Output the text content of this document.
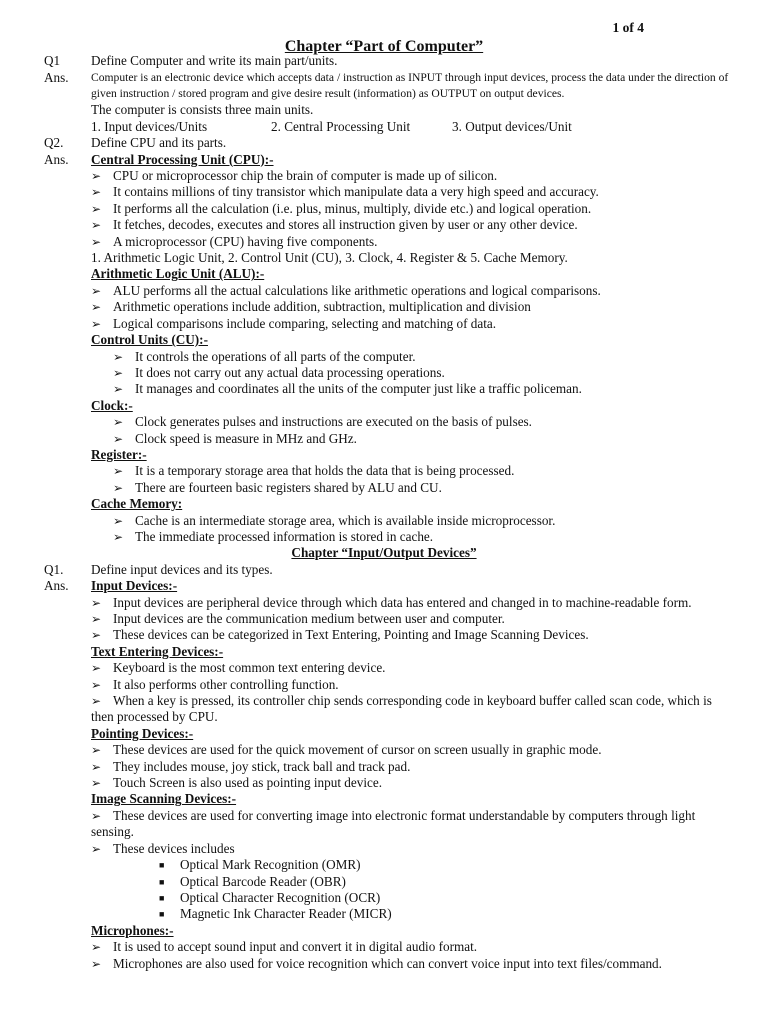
1 of 4
Chapter “Part of Computer”
Q1 Define Computer and write its main part/units.
Ans. Computer is an electronic device which accepts data / instruction as INPUT through input devices, process the data under the direction of given instruction / stored program and give desire result (information) as OUTPUT on output devices.
The computer is consists three main units.
1. Input devices/Units	2. Central Processing Unit	3. Output devices/Unit
Q2. Define CPU and its parts.
Ans. Central Processing Unit (CPU):-
➢ CPU or microprocessor chip the brain of computer is made up of silicon.
➢ It contains millions of tiny transistor which manipulate data a very high speed and accuracy.
➢ It performs all the calculation (i.e. plus, minus, multiply, divide etc.) and logical operation.
➢ It fetches, decodes, executes and stores all instruction given by user or any other device.
➢ A microprocessor (CPU) having five components.
1. Arithmetic Logic Unit, 2. Control Unit (CU), 3. Clock, 4. Register & 5. Cache Memory.
Arithmetic Logic Unit (ALU):-
➢ ALU performs all the actual calculations like arithmetic operations and logical comparisons.
➢ Arithmetic operations include addition, subtraction, multiplication and division
➢ Logical comparisons include comparing, selecting and matching of data.
Control Units (CU):-
➢ It controls the operations of all parts of the computer.
➢ It does not carry out any actual data processing operations.
➢ It manages and coordinates all the units of the computer just like a traffic policeman.
Clock:-
➢ Clock generates pulses and instructions are executed on the basis of pulses.
➢ Clock speed is measure in MHz and GHz.
Register:-
➢ It is a temporary storage area that holds the data that is being processed.
➢ There are fourteen basic registers shared by ALU and CU.
Cache Memory:
➢ Cache is an intermediate storage area, which is available inside microprocessor.
➢ The immediate processed information is stored in cache.
Chapter “Input/Output Devices”
Q1. Define input devices and its types.
Ans. Input Devices:-
➢ Input devices are peripheral device through which data has entered and changed in to machine-readable form.
➢ Input devices are the communication medium between user and computer.
➢ These devices can be categorized in Text Entering, Pointing and Image Scanning Devices.
Text Entering Devices:-
➢ Keyboard is the most common text entering device.
➢ It also performs other controlling function.
➢ When a key is pressed, its controller chip sends corresponding code in keyboard buffer called scan code, which is then processed by CPU.
Pointing Devices:-
➢ These devices are used for the quick movement of cursor on screen usually in graphic mode.
➢ They includes mouse, joy stick, track ball and track pad.
➢ Touch Screen is also used as pointing input device.
Image Scanning Devices:-
➢ These devices are used for converting image into electronic format understandable by computers through light sensing.
➢ These devices includes
■ Optical Mark Recognition (OMR)
■ Optical Barcode Reader (OBR)
■ Optical Character Recognition (OCR)
■ Magnetic Ink Character Reader (MICR)
Microphones:-
➢ It is used to accept sound input and convert it in digital audio format.
➢ Microphones are also used for voice recognition which can convert voice input into text files/command.
